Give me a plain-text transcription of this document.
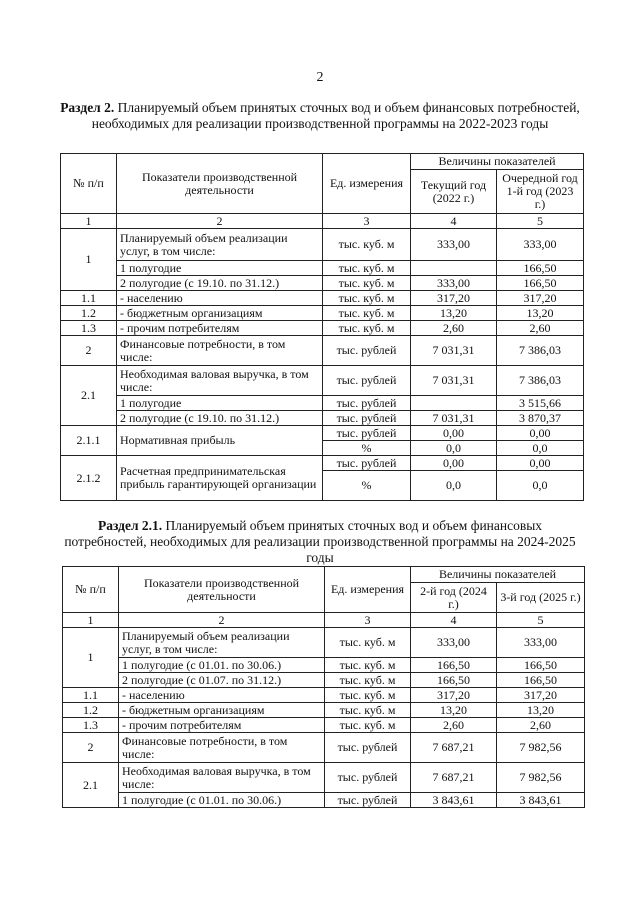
2
Раздел 2. Планируемый объем принятых сточных вод и объем финансовых потребностей, необходимых для реализации производственной программы на 2022-2023 годы
№ п/п	Показатели производственной деятельности	Ед. измерения	Величины показателей	
			Текущий год (2022 г.)	Очередной год 1-й год (2023 г.)
1	2	3	4	5
1	Планируемый объем реализации услуг, в том числе:	тыс. куб. м	333,00	333,00
	1 полугодие	тыс. куб. м		166,50
	2 полугодие (с 19.10. по 31.12.)	тыс. куб. м	333,00	166,50
1.1	- населению	тыс. куб. м	317,20	317,20
1.2	- бюджетным организациям	тыс. куб. м	13,20	13,20
1.3	- прочим потребителям	тыс. куб. м	2,60	2,60
2	Финансовые потребности, в том числе:	тыс. рублей	7 031,31	7 386,03
2.1	Необходимая валовая выручка, в том числе:	тыс. рублей	7 031,31	7 386,03
	1 полугодие	тыс. рублей		3 515,66
	2 полугодие (с 19.10. по 31.12.)	тыс. рублей	7 031,31	3 870,37
2.1.1	Нормативная прибыль	тыс. рублей	0,00	0,00
		%	0,0	0,0
2.1.2	Расчетная предпринимательская прибыль гарантирующей организации	тыс. рублей	0,00	0,00
		%	0,0	0,0
Раздел 2.1. Планируемый объем принятых сточных вод и объем финансовых потребностей, необходимых для реализации производственной программы на 2024-2025 годы
№ п/п	Показатели производственной деятельности	Ед. измерения	Величины показателей	
			2-й год (2024 г.)	3-й год (2025 г.)
1	2	3	4	5
1	Планируемый объем реализации услуг, в том числе:	тыс. куб. м	333,00	333,00
	1 полугодие (с 01.01. по 30.06.)	тыс. куб. м	166,50	166,50
	2 полугодие (с 01.07. по 31.12.)	тыс. куб. м	166,50	166,50
1.1	- населению	тыс. куб. м	317,20	317,20
1.2	- бюджетным организациям	тыс. куб. м	13,20	13,20
1.3	- прочим потребителям	тыс. куб. м	2,60	2,60
2	Финансовые потребности, в том числе:	тыс. рублей	7 687,21	7 982,56
2.1	Необходимая валовая выручка, в том числе:	тыс. рублей	7 687,21	7 982,56
	1 полугодие (с 01.01. по 30.06.)	тыс. рублей	3 843,61	3 843,61
